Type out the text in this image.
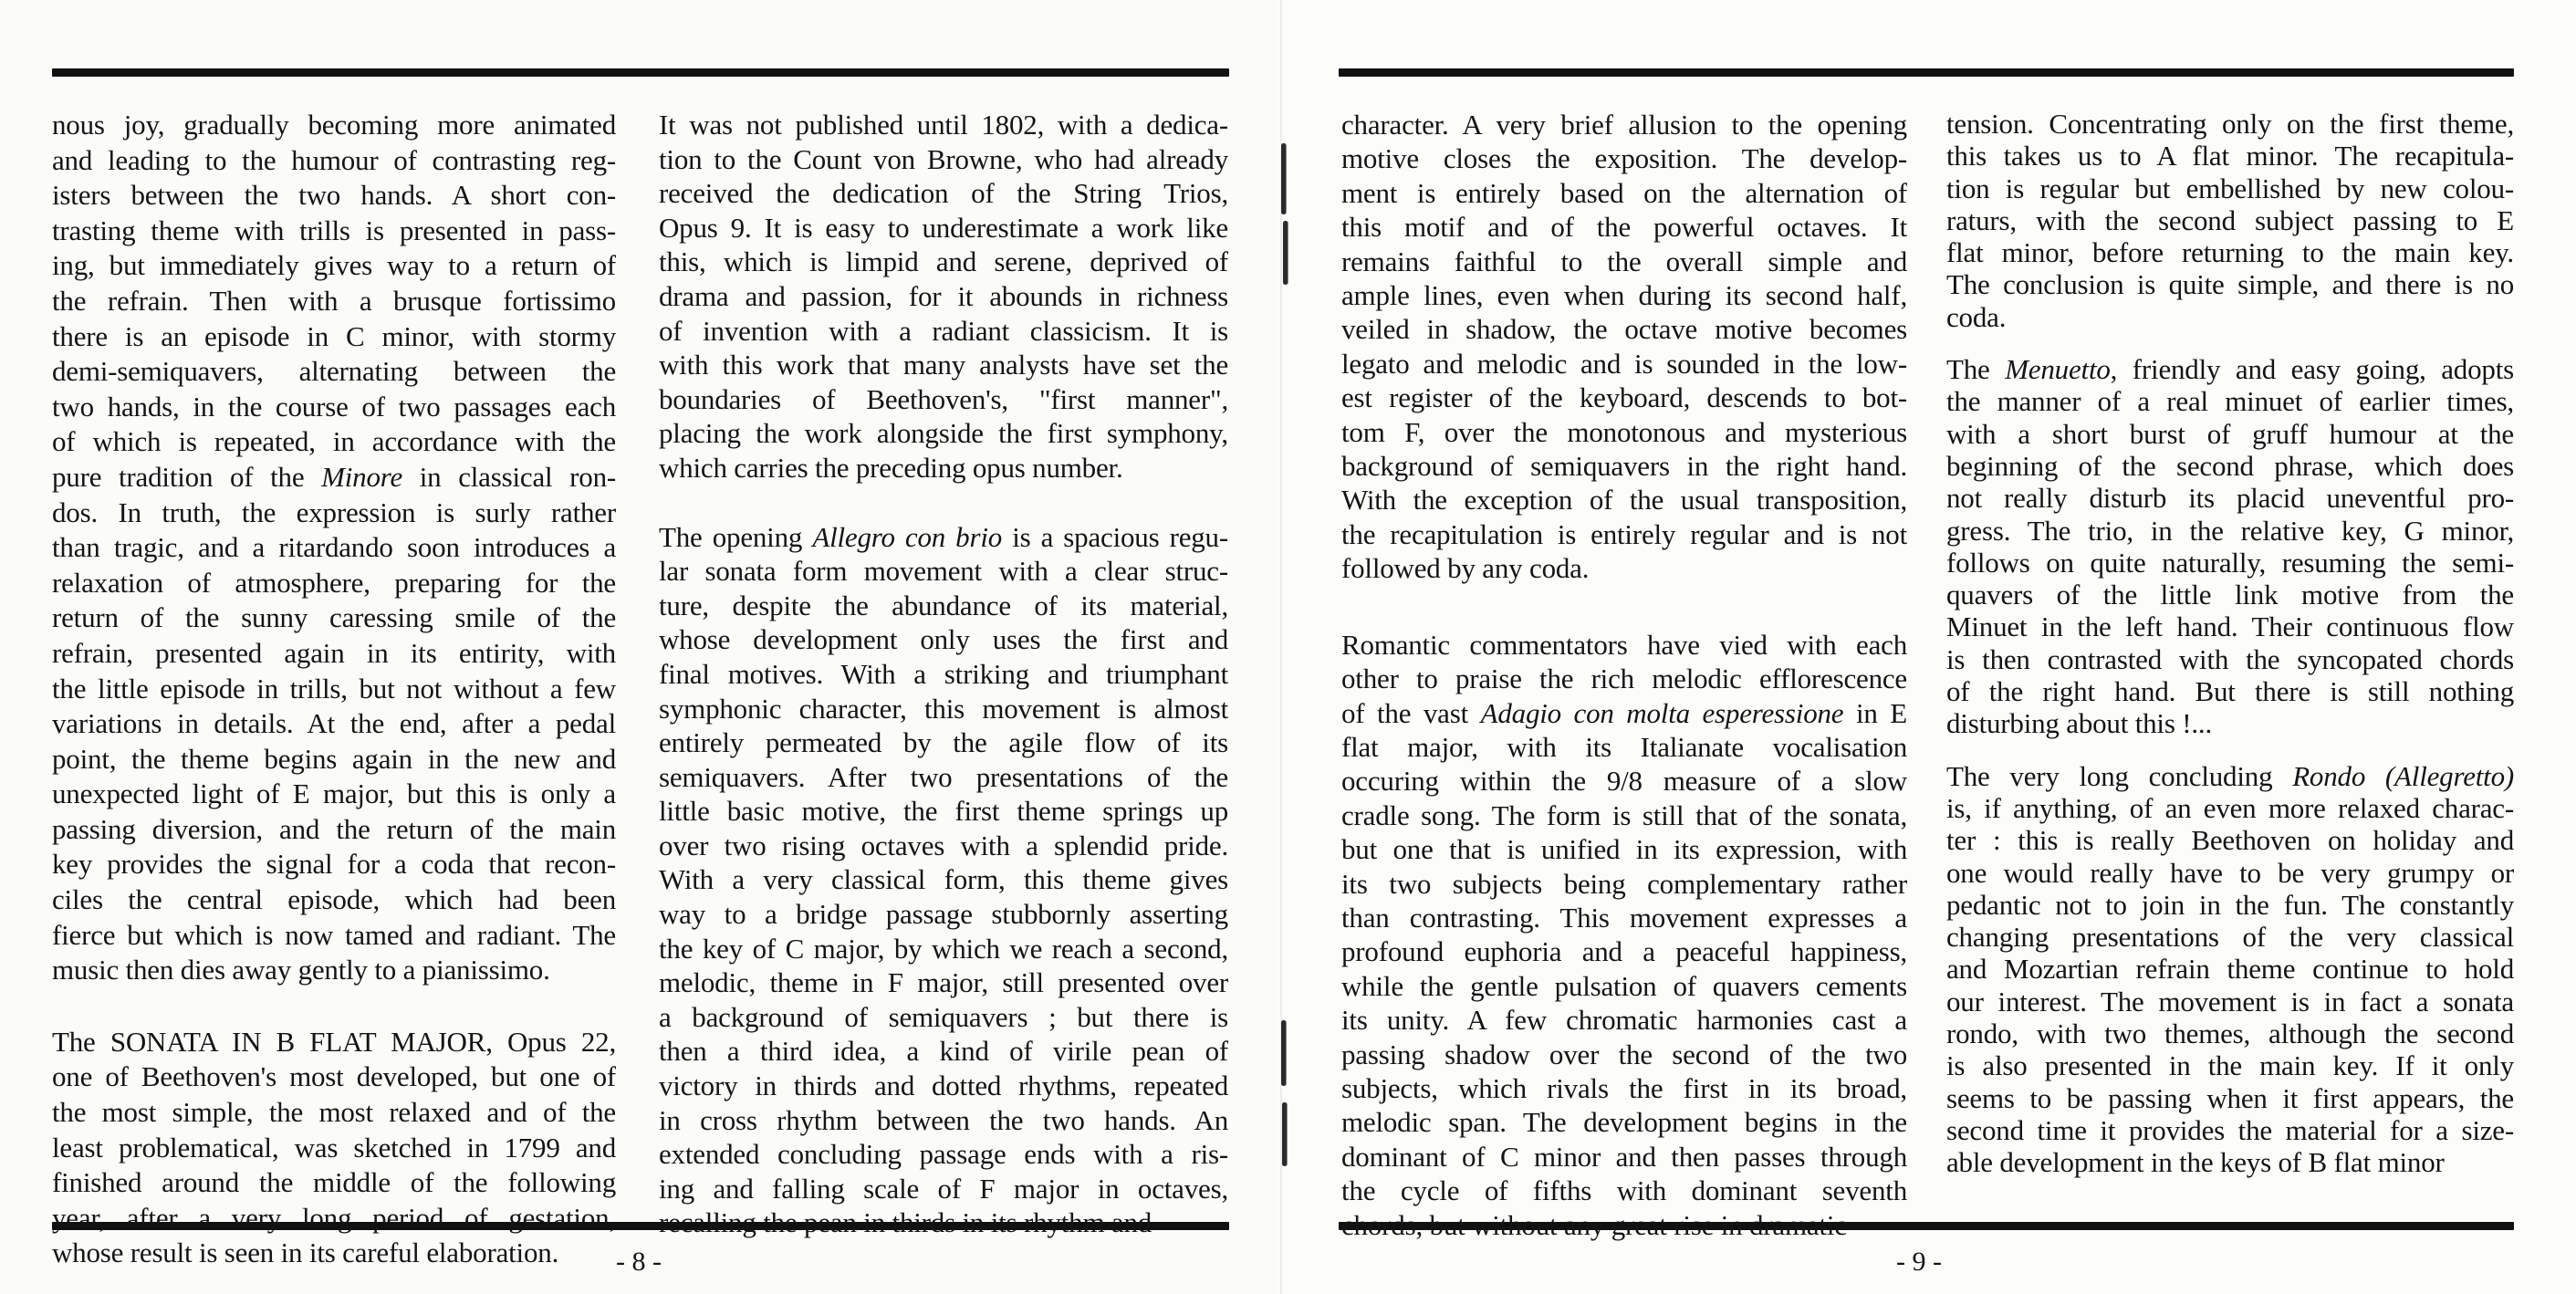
nous joy, gradually becoming more animated
and leading to the humour of contrasting reg-
isters between the two hands. A short con-
trasting theme with trills is presented in pass-
ing, but immediately gives way to a return of
the refrain. Then with a brusque fortissimo
there is an episode in C minor, with stormy
demi-semiquavers, alternating between the
two hands, in the course of two passages each
of which is repeated, in accordance with the
pure tradition of the Minore in classical ron-
dos. In truth, the expression is surly rather
than tragic, and a ritardando soon introduces a
relaxation of atmosphere, preparing for the
return of the sunny caressing smile of the
refrain, presented again in its entirity, with
the little episode in trills, but not without a few
variations in details. At the end, after a pedal
point, the theme begins again in the new and
unexpected light of E major, but this is only a
passing diversion, and the return of the main
key provides the signal for a coda that recon-
ciles the central episode, which had been
fierce but which is now tamed and radiant. The
music then dies away gently to a pianissimo.
The SONATA IN B FLAT MAJOR, Opus 22,
one of Beethoven's most developed, but one of
the most simple, the most relaxed and of the
least problematical, was sketched in 1799 and
finished around the middle of the following
year, after a very long period of gestation,
whose result is seen in its careful elaboration.
It was not published until 1802, with a dedica-
tion to the Count von Browne, who had already
received the dedication of the String Trios,
Opus 9. It is easy to underestimate a work like
this, which is limpid and serene, deprived of
drama and passion, for it abounds in richness
of invention with a radiant classicism. It is
with this work that many analysts have set the
boundaries of Beethoven's, "first manner",
placing the work alongside the first symphony,
which carries the preceding opus number.
The opening Allegro con brio is a spacious regu-
lar sonata form movement with a clear struc-
ture, despite the abundance of its material,
whose development only uses the first and
final motives. With a striking and triumphant
symphonic character, this movement is almost
entirely permeated by the agile flow of its
semiquavers. After two presentations of the
little basic motive, the first theme springs up
over two rising octaves with a splendid pride.
With a very classical form, this theme gives
way to a bridge passage stubbornly asserting
the key of C major, by which we reach a second,
melodic, theme in F major, still presented over
a background of semiquavers ; but there is
then a third idea, a kind of virile pean of
victory in thirds and dotted rhythms, repeated
in cross rhythm between the two hands. An
extended concluding passage ends with a ris-
ing and falling scale of F major in octaves,
recalling the pean in thirds in its rhythm and
character. A very brief allusion to the opening
motive closes the exposition. The develop-
ment is entirely based on the alternation of
this motif and of the powerful octaves. It
remains faithful to the overall simple and
ample lines, even when during its second half,
veiled in shadow, the octave motive becomes
legato and melodic and is sounded in the low-
est register of the keyboard, descends to bot-
tom F, over the monotonous and mysterious
background of semiquavers in the right hand.
With the exception of the usual transposition,
the recapitulation is entirely regular and is not
followed by any coda.
Romantic commentators have vied with each
other to praise the rich melodic efflorescence
of the vast Adagio con molta esperessione in E
flat major, with its Italianate vocalisation
occuring within the 9/8 measure of a slow
cradle song. The form is still that of the sonata,
but one that is unified in its expression, with
its two subjects being complementary rather
than contrasting. This movement expresses a
profound euphoria and a peaceful happiness,
while the gentle pulsation of quavers cements
its unity. A few chromatic harmonies cast a
passing shadow over the second of the two
subjects, which rivals the first in its broad,
melodic span. The development begins in the
dominant of C minor and then passes through
the cycle of fifths with dominant seventh
chords, but without any great rise in dramatic
tension. Concentrating only on the first theme,
this takes us to A flat minor. The recapitula-
tion is regular but embellished by new colou-
raturs, with the second subject passing to E
flat minor, before returning to the main key.
The conclusion is quite simple, and there is no
coda.
The Menuetto, friendly and easy going, adopts
the manner of a real minuet of earlier times,
with a short burst of gruff humour at the
beginning of the second phrase, which does
not really disturb its placid uneventful pro-
gress. The trio, in the relative key, G minor,
follows on quite naturally, resuming the semi-
quavers of the little link motive from the
Minuet in the left hand. Their continuous flow
is then contrasted with the syncopated chords
of the right hand. But there is still nothing
disturbing about this !...
The very long concluding Rondo (Allegretto)
is, if anything, of an even more relaxed charac-
ter : this is really Beethoven on holiday and
one would really have to be very grumpy or
pedantic not to join in the fun. The constantly
changing presentations of the very classical
and Mozartian refrain theme continue to hold
our interest. The movement is in fact a sonata
rondo, with two themes, although the second
is also presented in the main key. If it only
seems to be passing when it first appears, the
second time it provides the material for a size-
able development in the keys of B flat minor
- 8 -	- 9 -
